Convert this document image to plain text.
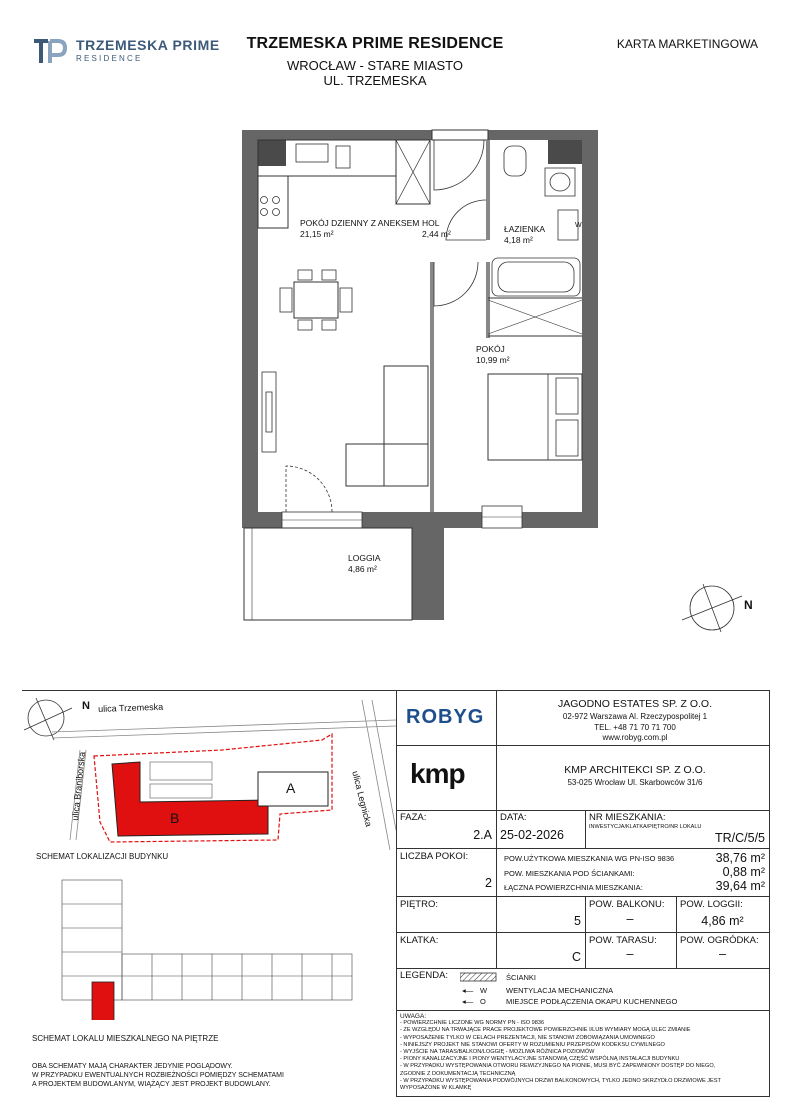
TRZEMESKA PRIME
RESIDENCE
TRZEMESKA PRIME RESIDENCE
WROCŁAW - STARE MIASTO
UL. TRZEMESKA
KARTA MARKETINGOWA
POKÓJ DZIENNY Z ANEKSEM
21,15 m²
HOL
2,44 m²	ŁAZIENKA
4,18 m²
W
POKÓJ
10,99 m²
LOGGIA
4,86 m²
N
ulica Trzemeska
ulica Braniborska	ulica Legnicka
A
B
N
SCHEMAT LOKALIZACJI BUDYNKU
SCHEMAT LOKALU MIESZKALNEGO NA PIĘTRZE
OBA SCHEMATY MAJĄ CHARAKTER JEDYNIE POGLĄDOWY.
W PRZYPADKU EWENTUALNYCH ROZBIEŻNOŚCI POMIĘDZY SCHEMATAMI
A PROJEKTEM BUDOWLANYM, WIĄŻĄCY JEST PROJEKT BUDOWLANY.
ROBYG
JAGODNO ESTATES SP. Z O.O.
02-972 Warszawa Al. Rzeczypospolitej 1
TEL. +48 71 70 71 700
www.robyg.com.pl
kmp	KMP ARCHITEKCI SP. Z O.O.
53-025 Wrocław Ul. Skarbowców 31/6
FAZA:
2.A
DATA:
25-02-2026
NR MIESZKANIA:
INWESTYCJA/KLATKA/PIĘTRO/NR LOKALU
TR/C/5/5
LICZBA POKOI:
2
POW.UŻYTKOWA MIESZKANIA WG PN-ISO 9836	38,76 m²
POW. MIESZKANIA POD ŚCIANKAMI:	0,88 m²
ŁĄCZNA POWIERZCHNIA MIESZKANIA:	39,64 m²
PIĘTRO:
5
POW. BALKONU:
–
POW. LOGGII:
4,86 m²
KLATKA:
C
POW. TARASU:
–
POW. OGRÓDKA:
–
LEGENDA:	ŚCIANKI
◂— W	WENTYLACJA MECHANICZNA
◂— O	MIEJSCE PODŁĄCZENIA OKAPU KUCHENNEGO
UWAGA:
- POWIERZCHNIE LICZONE WG NORMY PN - ISO 9836
- ZE WZGLĘDU NA TRWAJĄCE PRACE PROJEKTOWE POWIERZCHNIE I/LUB WYMIARY MOGĄ ULEC ZMIANIE
- WYPOSAŻENIE TYLKO W CELACH PREZENTACJI, NIE STANOWI ZOBOWIĄZANIA UMOWNEGO
- NINIEJSZY PROJEKT NIE STANOWI OFERTY W ROZUMIENIU PRZEPISÓW KODEKSU CYWILNEGO
- WYJŚCIE NA TARAS/BALKON/LOGGIĘ - MOŻLIWA RÓŻNICA POZIOMÓW
- PIONY KANALIZACYJNE I PIONY WENTYLACYJNE STANOWIĄ CZĘŚĆ WSPÓLNĄ INSTALACJI BUDYNKU
- W PRZYPADKU WYSTĘPOWANIA OTWORU REWIZYJNEGO NA PIONIE, MUSI BYĆ ZAPEWNIONY DOSTĘP DO NIEGO,
ZGODNIE Z DOKUMENTACJĄ TECHNICZNĄ
- W PRZYPADKU WYSTĘPOWANIA PODWÓJNYCH DRZWI BALKONOWYCH, TYLKO JEDNO SKRZYDŁO DRZWIOWE JEST
WYPOSAŻONE W KLAMKĘ
